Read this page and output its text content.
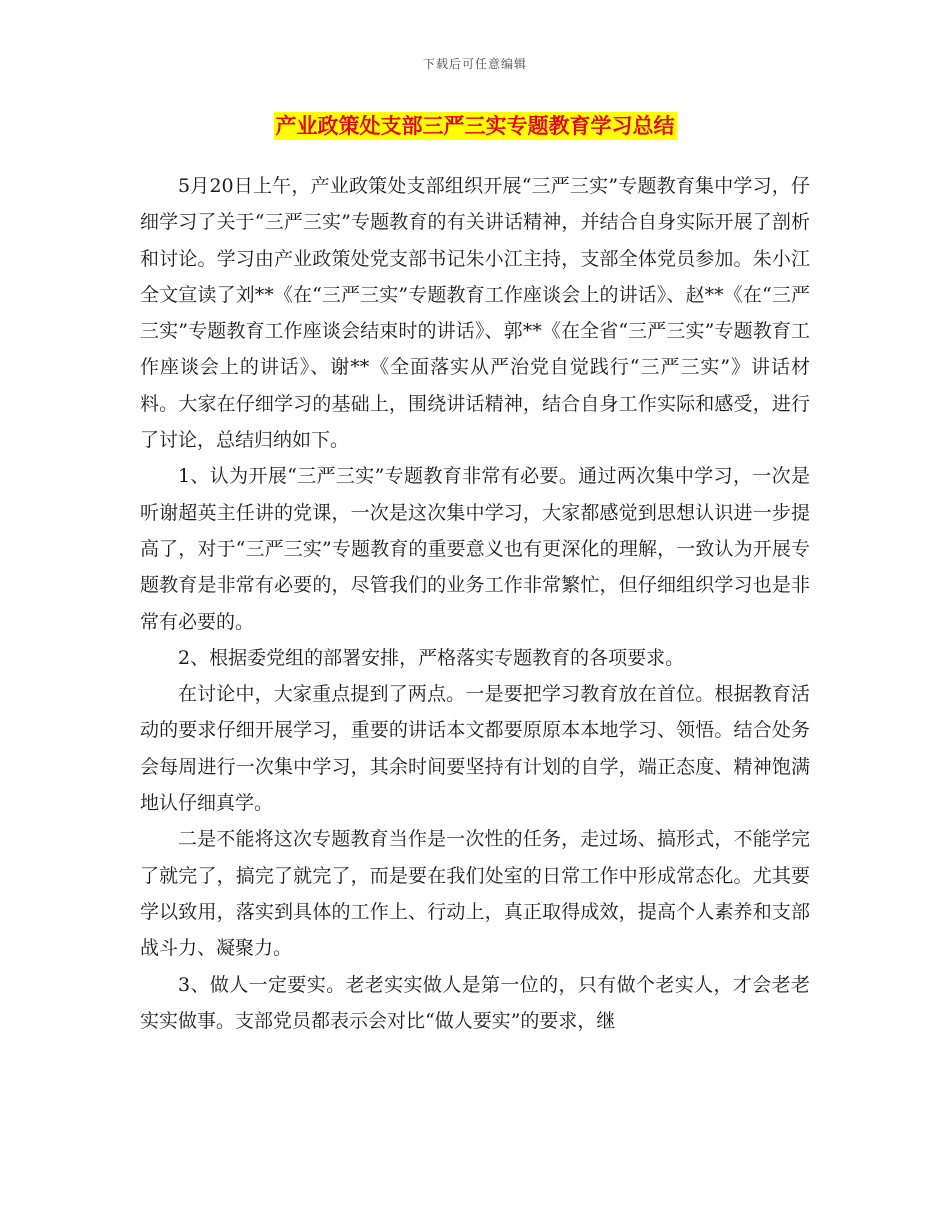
下载后可任意编辑
产业政策处支部三严三实专题教育学习总结

5月20日上午，产业政策处支部组织开展“三严三实”专题教育集中学习，仔细学习了关于“三严三实”专题教育的有关讲话精神，并结合自身实际开展了剖析和讨论。学习由产业政策处党支部书记朱小江主持，支部全体党员参加。朱小江全文宣读了刘**《在“三严三实”专题教育工作座谈会上的讲话》、赵**《在“三严三实”专题教育工作座谈会结束时的讲话》、郭**《在全省“三严三实”专题教育工作座谈会上的讲话》、谢**《全面落实从严治党自觉践行“三严三实”》讲话材料。大家在仔细学习的基础上，围绕讲话精神，结合自身工作实际和感受，进行了讨论，总结归纳如下。

1、认为开展“三严三实”专题教育非常有必要。通过两次集中学习，一次是听谢超英主任讲的党课，一次是这次集中学习，大家都感觉到思想认识进一步提高了，对于“三严三实”专题教育的重要意义也有更深化的理解，一致认为开展专题教育是非常有必要的，尽管我们的业务工作非常繁忙，但仔细组织学习也是非常有必要的。

2、根据委党组的部署安排，严格落实专题教育的各项要求。

在讨论中，大家重点提到了两点。一是要把学习教育放在首位。根据教育活动的要求仔细开展学习，重要的讲话本文都要原原本本地学习、领悟。结合处务会每周进行一次集中学习，其余时间要坚持有计划的自学，端正态度、精神饱满地认仔细真学。

二是不能将这次专题教育当作是一次性的任务，走过场、搞形式，不能学完了就完了，搞完了就完了，而是要在我们处室的日常工作中形成常态化。尤其要学以致用，落实到具体的工作上、行动上，真正取得成效，提高个人素养和支部战斗力、凝聚力。

3、做人一定要实。老老实实做人是第一位的，只有做个老实人，才会老老实实做事。支部党员都表示会对比“做人要实”的要求，继
